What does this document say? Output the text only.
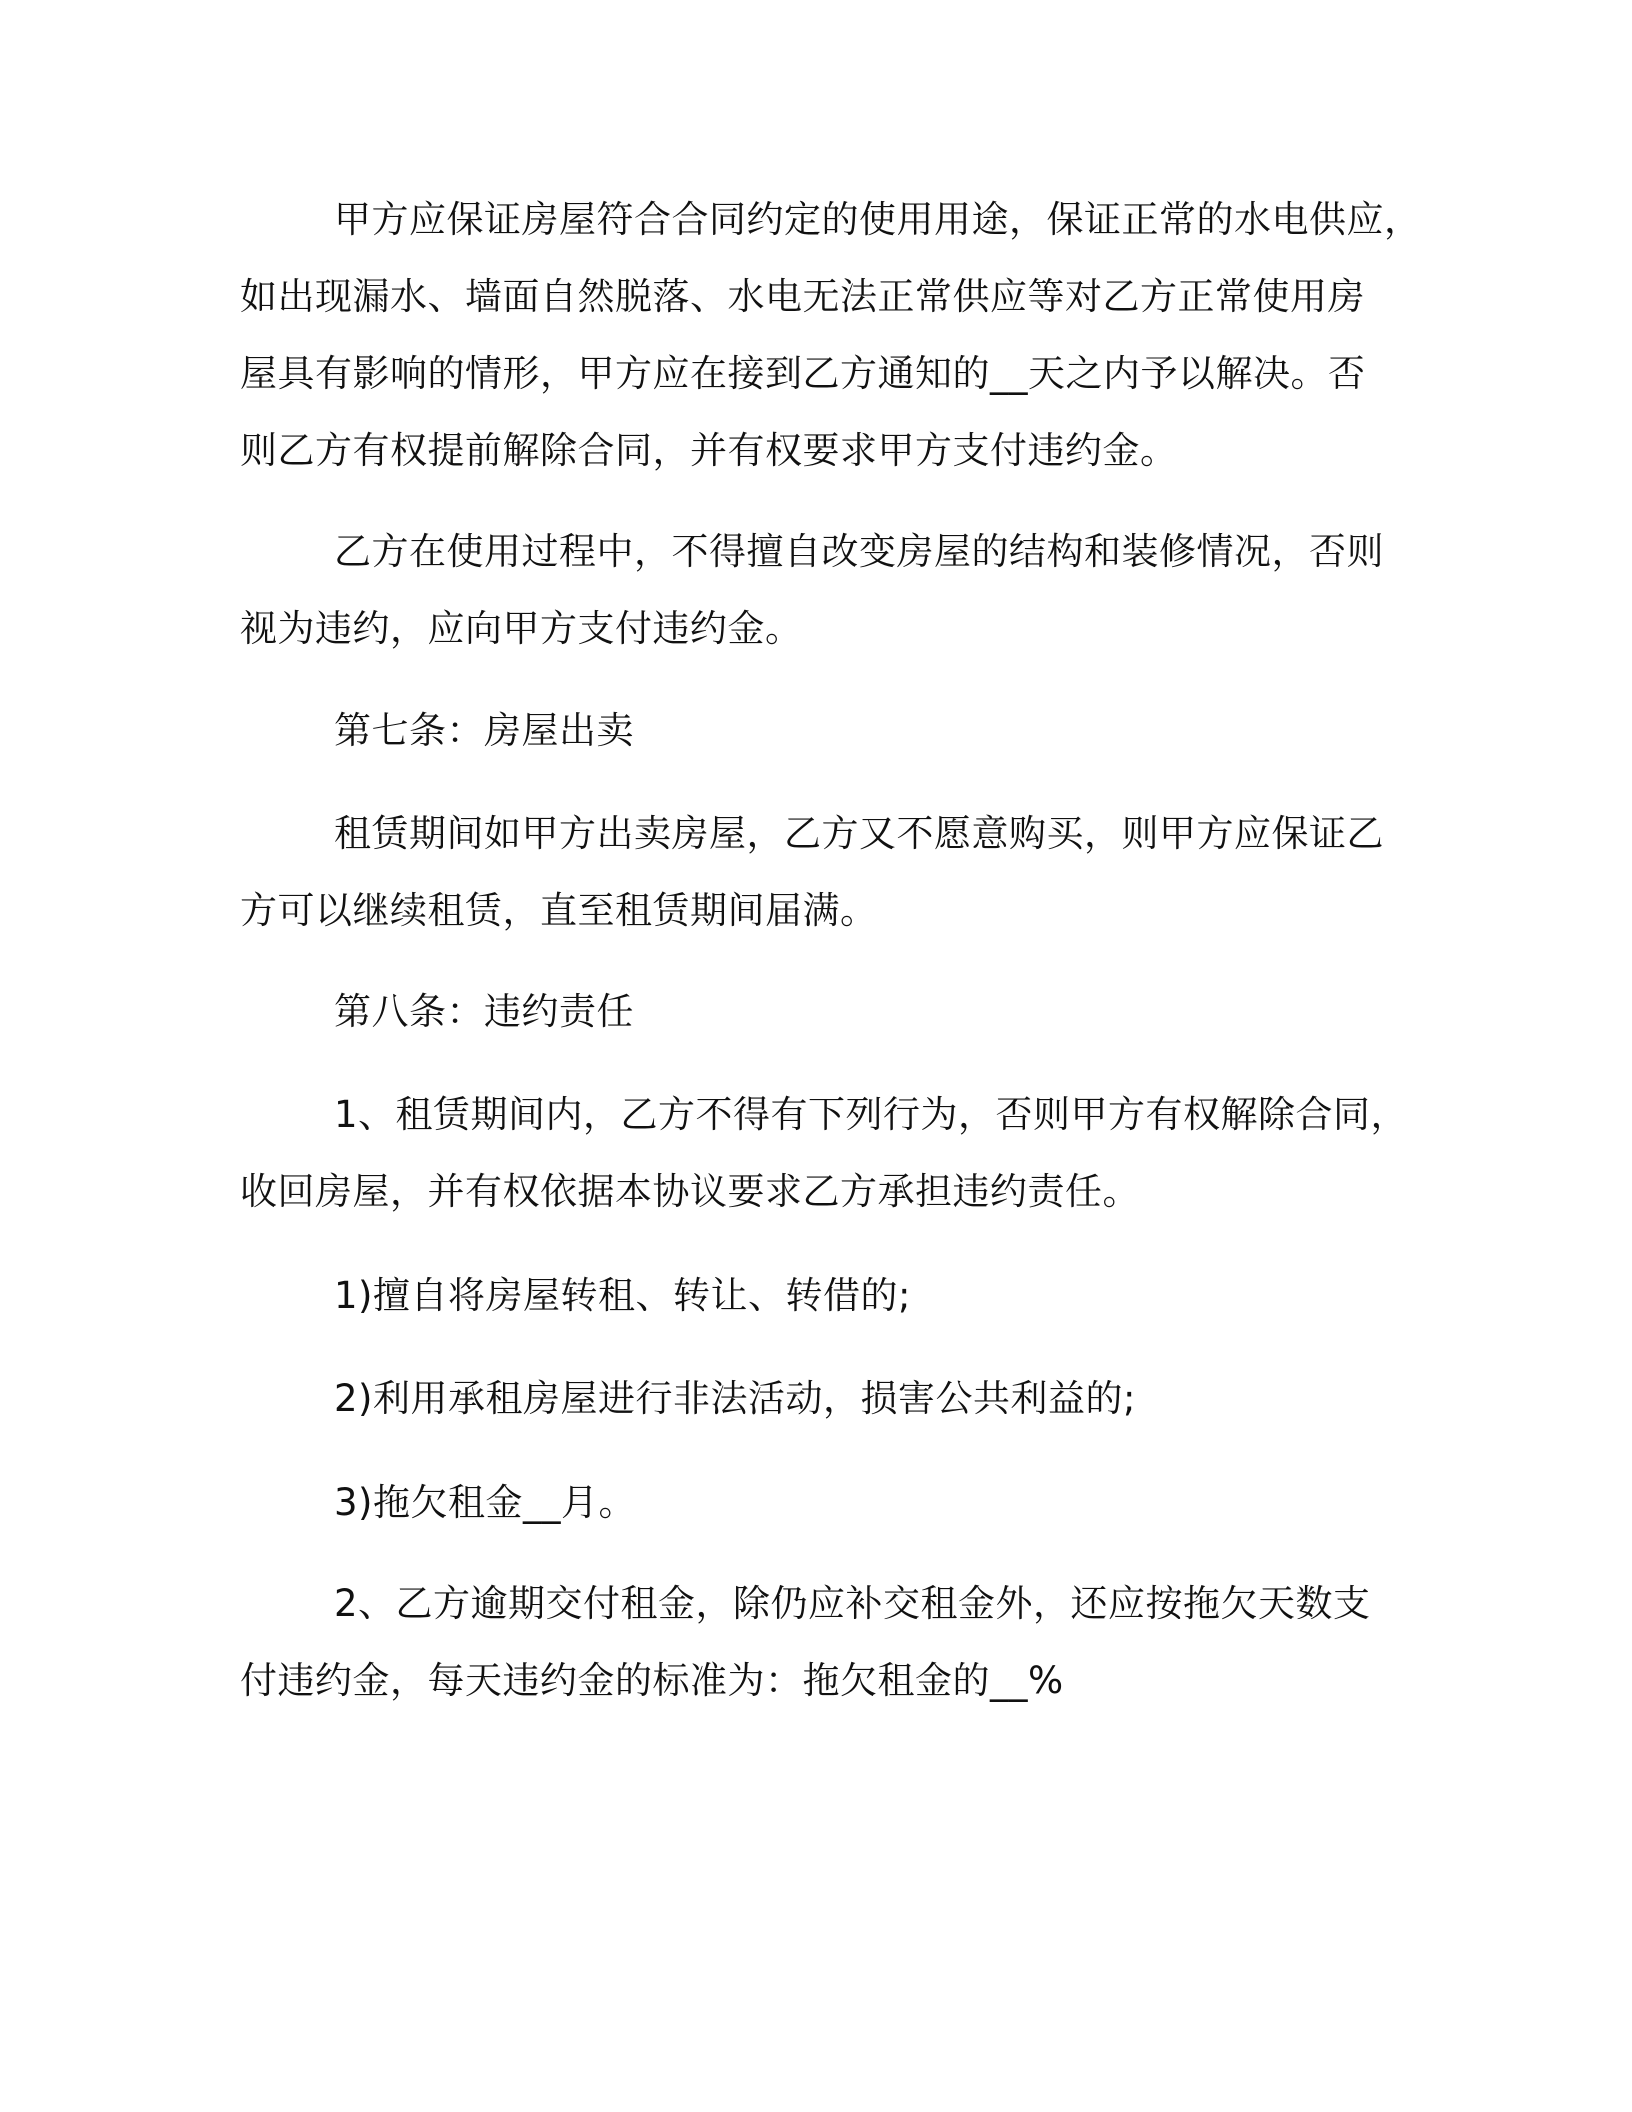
甲方应保证房屋符合合同约定的使用用途，保证正常的水电供应，
如出现漏水、墙面自然脱落、水电无法正常供应等对乙方正常使用房
屋具有影响的情形，甲方应在接到乙方通知的__天之内予以解决。否
则乙方有权提前解除合同，并有权要求甲方支付违约金。
乙方在使用过程中，不得擅自改变房屋的结构和装修情况，否则
视为违约，应向甲方支付违约金。
第七条：房屋出卖
租赁期间如甲方出卖房屋，乙方又不愿意购买，则甲方应保证乙
方可以继续租赁，直至租赁期间届满。
第八条：违约责任
1、租赁期间内，乙方不得有下列行为，否则甲方有权解除合同，
收回房屋，并有权依据本协议要求乙方承担违约责任。
1)擅自将房屋转租、转让、转借的;
2)利用承租房屋进行非法活动，损害公共利益的;
3)拖欠租金__月。
2、乙方逾期交付租金，除仍应补交租金外，还应按拖欠天数支
付违约金，每天违约金的标准为：拖欠租金的__%
